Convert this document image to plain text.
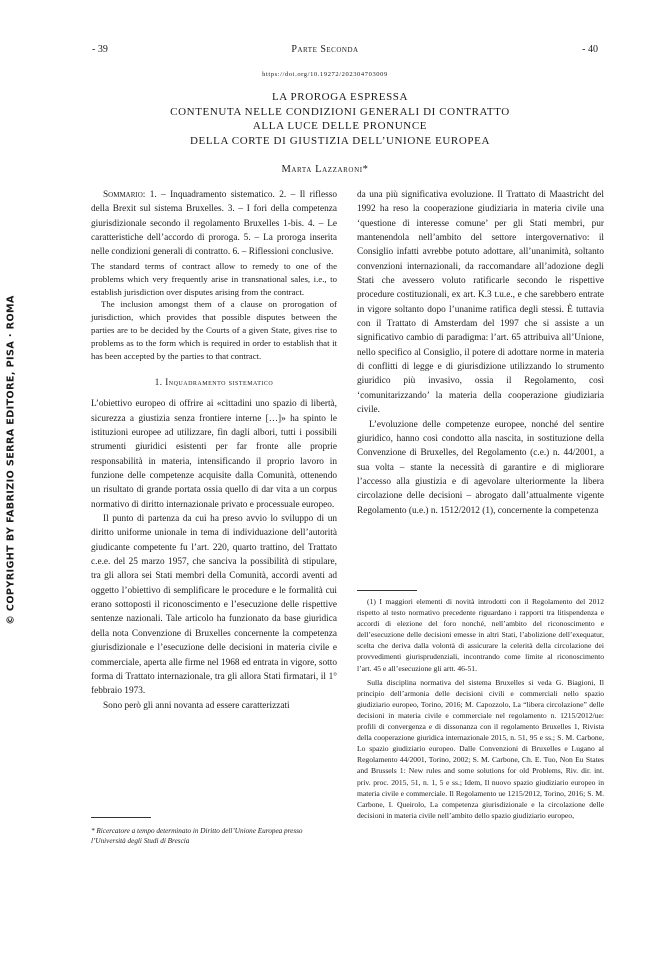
- 39	Parte Seconda	- 40
© COPYRIGHT BY FABRIZIO SERRA EDITORE, PISA · ROMA
https://doi.org/10.19272/202304703009
LA PROROGA ESPRESSA
CONTENUTA NELLE CONDIZIONI GENERALI DI CONTRATTO
ALLA LUCE DELLE PRONUNCE
DELLA CORTE DI GIUSTIZIA DELL’UNIONE EUROPEA
Marta Lazzaroni*

Sommario: 1. – Inquadramento sistematico. 2. – Il riflesso della Brexit sul sistema Bruxelles. 3. – I fori della competenza giurisdizionale secondo il regolamento Bruxelles 1-bis. 4. – Le caratteristiche dell’accordo di proroga. 5. – La proroga inserita nelle condizioni generali di contratto. 6. – Riflessioni conclusive.

The standard terms of contract allow to remedy to one of the problems which very frequently arise in transnational sales, i.e., to establish jurisdiction over disputes arising from the contract.

The inclusion amongst them of a clause on prorogation of jurisdiction, which provides that possible disputes between the parties are to be decided by the Courts of a given State, gives rise to problems as to the form which is required in order to establish that it has been accepted by the parties to that contract.

1. Inquadramento sistematico

L’obiettivo europeo di offrire ai «cittadini uno spazio di libertà, sicurezza a giustizia senza frontiere interne […]» ha spinto le istituzioni europee ad utilizzare, fin dagli albori, tutti i possibili strumenti giuridici esistenti per far fronte alle proprie responsabilità in materia, intensificando il proprio lavoro in funzione delle competenze acquisite dalla Comunità, ottenendo un risultato di grande portata ossia quello di dar vita a un corpus normativo di diritto internazionale privato e processuale europeo.

Il punto di partenza da cui ha preso avvio lo sviluppo di un diritto uniforme unionale in tema di individuazione dell’autorità giudicante competente fu l’art. 220, quarto trattino, del Trattato c.e.e. del 25 marzo 1957, che sanciva la possibilità di stipulare, tra gli allora sei Stati membri della Comunità, accordi aventi ad oggetto l’obiettivo di semplificare le procedure e le formalità cui erano sottoposti il riconoscimento e l’esecuzione delle rispettive sentenze nazionali. Tale articolo ha funzionato da base giuridica della nota Convenzione di Bruxelles concernente la competenza giurisdizionale e l’esecuzione delle decisioni in materia civile e commerciale, aperta alle firme nel 1968 ed entrata in vigore, sotto forma di Trattato internazionale, tra gli allora Stati firmatari, il 1° febbraio 1973.

Sono però gli anni novanta ad essere caratterizzati

* Ricercatore a tempo determinato in Diritto dell’Unione Europea presso l’Università degli Studi di Brescia

da una più significativa evoluzione. Il Trattato di Maastricht del 1992 ha reso la cooperazione giudiziaria in materia civile una ‘questione di interesse comune’ per gli Stati membri, pur mantenendola nell’ambito del settore intergovernativo: il Consiglio infatti avrebbe potuto adottare, all’unanimità, soltanto convenzioni internazionali, da raccomandare all’adozione degli Stati che avessero voluto ratificarle secondo le rispettive procedure costituzionali, ex art. K.3 t.u.e., e che sarebbero entrate in vigore soltanto dopo l’unanime ratifica degli stessi. È tuttavia con il Trattato di Amsterdam del 1997 che si assiste a un significativo cambio di paradigma: l’art. 65 attribuiva all’Unione, nello specifico al Consiglio, il potere di adottare norme in materia di conflitti di legge e di giurisdizione utilizzando lo strumento giuridico più invasivo, ossia il Regolamento, così ‘comunitarizzando’ la materia della cooperazione giudiziaria civile.

L’evoluzione delle competenze europee, nonché del sentire giuridico, hanno così condotto alla nascita, in sostituzione della Convenzione di Bruxelles, del Regolamento (c.e.) n. 44/2001, a sua volta – stante la necessità di garantire e di migliorare l’accesso alla giustizia e di agevolare ulteriormente la libera circolazione delle decisioni – abrogato dall’attualmente vigente Regolamento (u.e.) n. 1512/2012 (1), concernente la competenza

(1) I maggiori elementi di novità introdotti con il Regolamento del 2012 rispetto al testo normativo precedente riguardano i rapporti tra litispendenza e accordi di elezione del foro nonché, nell’ambito del riconoscimento e dell’esecuzione delle decisioni emesse in altri Stati, l’abolizione dell’exequatur, scelta che deriva dalla volontà di assicurare la celerità della circolazione dei provvedimenti giurisprudenziali, incontrando come limite al riconoscimento l’art. 45 e all’esecuzione gli artt. 46-51.

Sulla disciplina normativa del sistema Bruxelles si veda G. Biagioni, Il principio dell’armonia delle decisioni civili e commerciali nello spazio giudiziario europeo, Torino, 2016; M. Capozzolo, La “libera circolazione” delle decisioni in materia civile e commerciale nel regolamento n. 1215/2012/ue: profili di convergenza e di dissonanza con il regolamento Bruxelles 1, Rivista della cooperazione giuridica internazionale 2015, n. 51, 95 e ss.; S. M. Carbone, Lo spazio giudiziario europeo. Dalle Convenzioni di Bruxelles e Lugano al Regolamento 44/2001, Torino, 2002; S. M. Carbone, Ch. E. Tuo, Non Eu States and Brussels 1: New rules and some solutions for old Problems, Riv. dir. int. priv. proc. 2015, 51, n. 1, 5 e ss.; Idem, Il nuovo spazio giudiziario europeo in materia civile e commerciale. Il Regolamento ue 1215/2012, Torino, 2016; S. M. Carbone, I. Queirolo, La competenza giurisdizionale e la circolazione delle decisioni in materia civile nell’ambito dello spazio giudiziario europeo,
